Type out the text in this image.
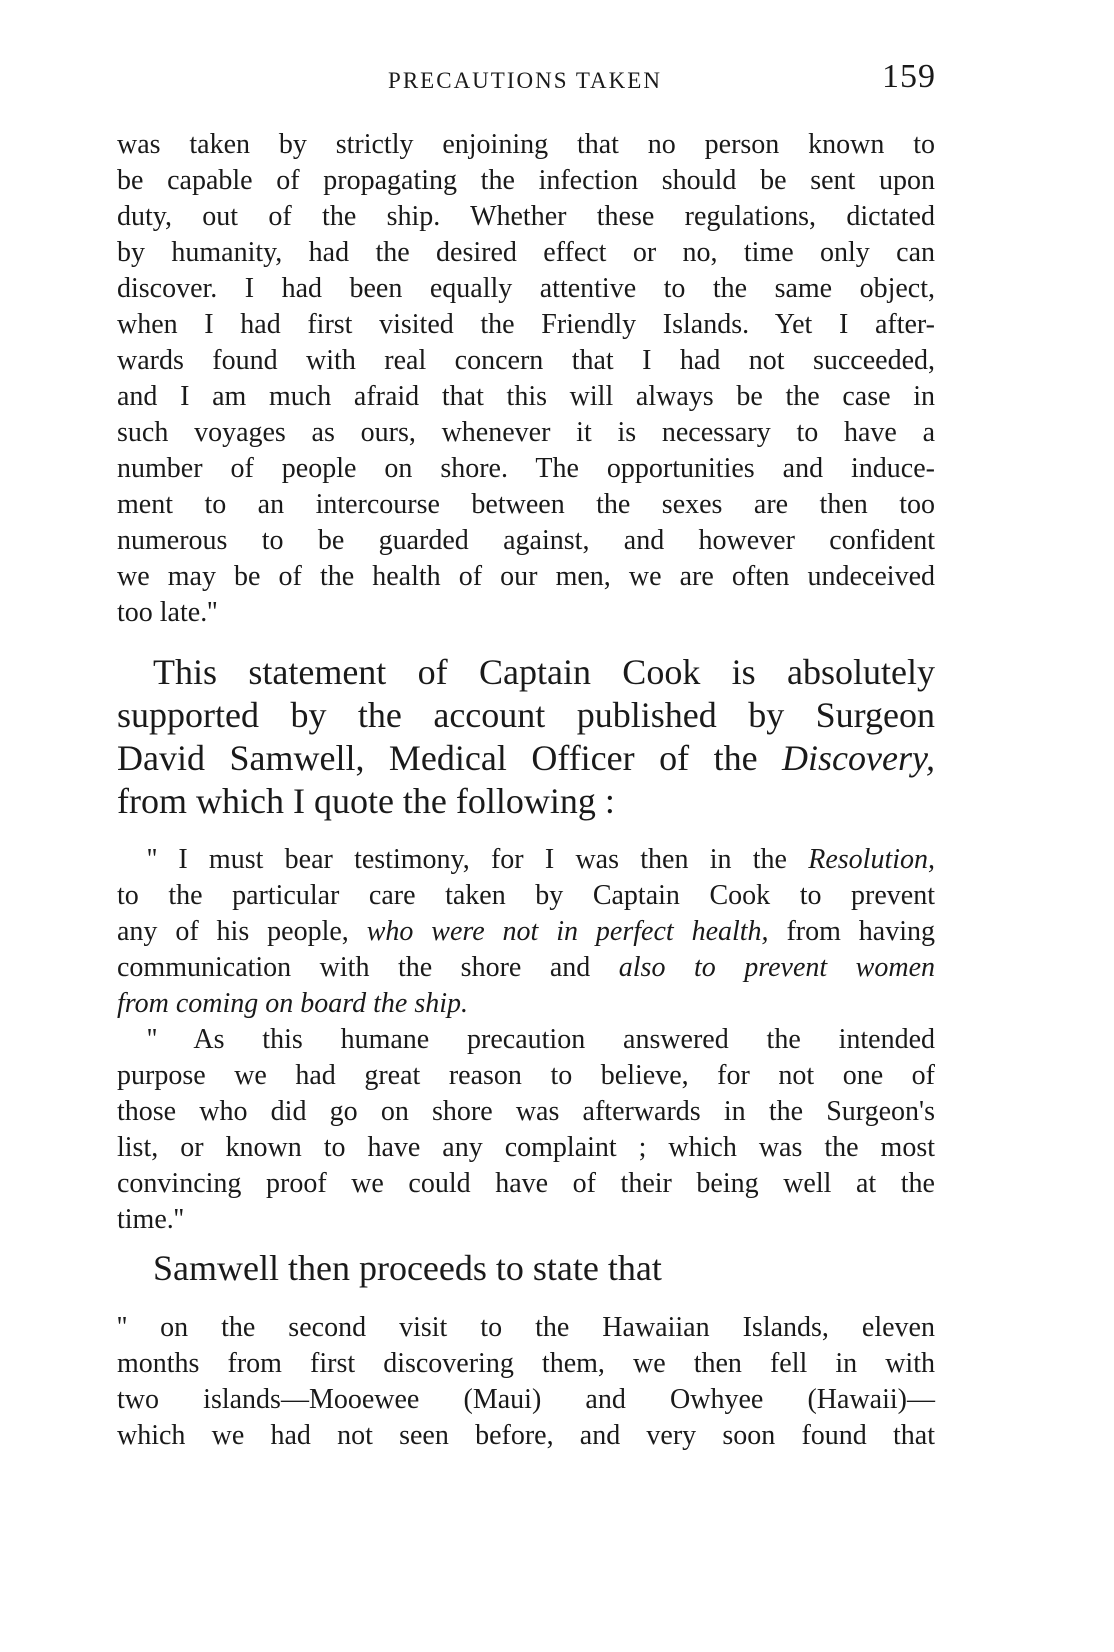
PRECAUTIONS TAKEN	159
was taken by strictly enjoining that no person known to
be capable of propagating the infection should be sent upon
duty, out of the ship. Whether these regulations, dictated
by humanity, had the desired effect or no, time only can
discover. I had been equally attentive to the same object,
when I had first visited the Friendly Islands. Yet I after-
wards found with real concern that I had not succeeded,
and I am much afraid that this will always be the case in
such voyages as ours, whenever it is necessary to have a
number of people on shore. The opportunities and induce-
ment to an intercourse between the sexes are then too
numerous to be guarded against, and however confident
we may be of the health of our men, we are often undeceived
too late.''
This statement of Captain Cook is absolutely
supported by the account published by Surgeon
David Samwell, Medical Officer of the Discovery,
from which I quote the following :
'' I must bear testimony, for I was then in the Resolution,
to the particular care taken by Captain Cook to prevent
any of his people, who were not in perfect health, from having
communication with the shore and also to prevent women
from coming on board the ship.
'' As this humane precaution answered the intended
purpose we had great reason to believe, for not one of
those who did go on shore was afterwards in the Surgeon's
list, or known to have any complaint ; which was the most
convincing proof we could have of their being well at the
time.''
Samwell then proceeds to state that
'' on the second visit to the Hawaiian Islands, eleven
months from first discovering them, we then fell in with
two islands—Mooewee (Maui) and Owhyee (Hawaii)—
which we had not seen before, and very soon found that
